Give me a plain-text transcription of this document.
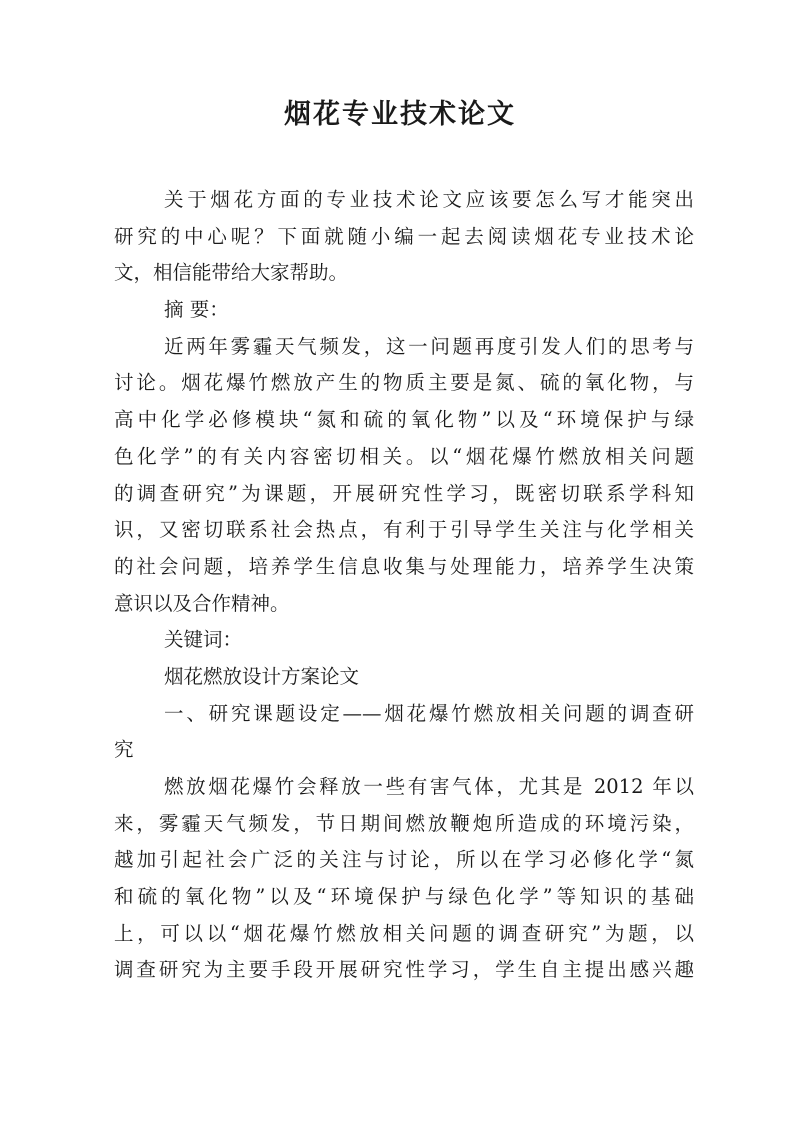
烟花专业技术论文
关于烟花方面的专业技术论文应该要怎么写才能突出
研究的中心呢？下面就随小编一起去阅读烟花专业技术论
文，相信能带给大家帮助。
摘 要：
近两年雾霾天气频发，这一问题再度引发人们的思考与
讨论。烟花爆竹燃放产生的物质主要是氮、硫的氧化物，与
高中化学必修模块“氮和硫的氧化物”以及“环境保护与绿
色化学”的有关内容密切相关。以“烟花爆竹燃放相关问题
的调查研究”为课题，开展研究性学习，既密切联系学科知
识，又密切联系社会热点，有利于引导学生关注与化学相关
的社会问题，培养学生信息收集与处理能力，培养学生决策
意识以及合作精神。
关键词：
烟花燃放设计方案论文
一、研究课题设定——烟花爆竹燃放相关问题的调查研
究
燃放烟花爆竹会释放一些有害气体，尤其是 2012 年以
来，雾霾天气频发，节日期间燃放鞭炮所造成的环境污染，
越加引起社会广泛的关注与讨论，所以在学习必修化学“氮
和硫的氧化物”以及“环境保护与绿色化学”等知识的基础
上，可以以“烟花爆竹燃放相关问题的调查研究”为题，以
调查研究为主要手段开展研究性学习，学生自主提出感兴趣
